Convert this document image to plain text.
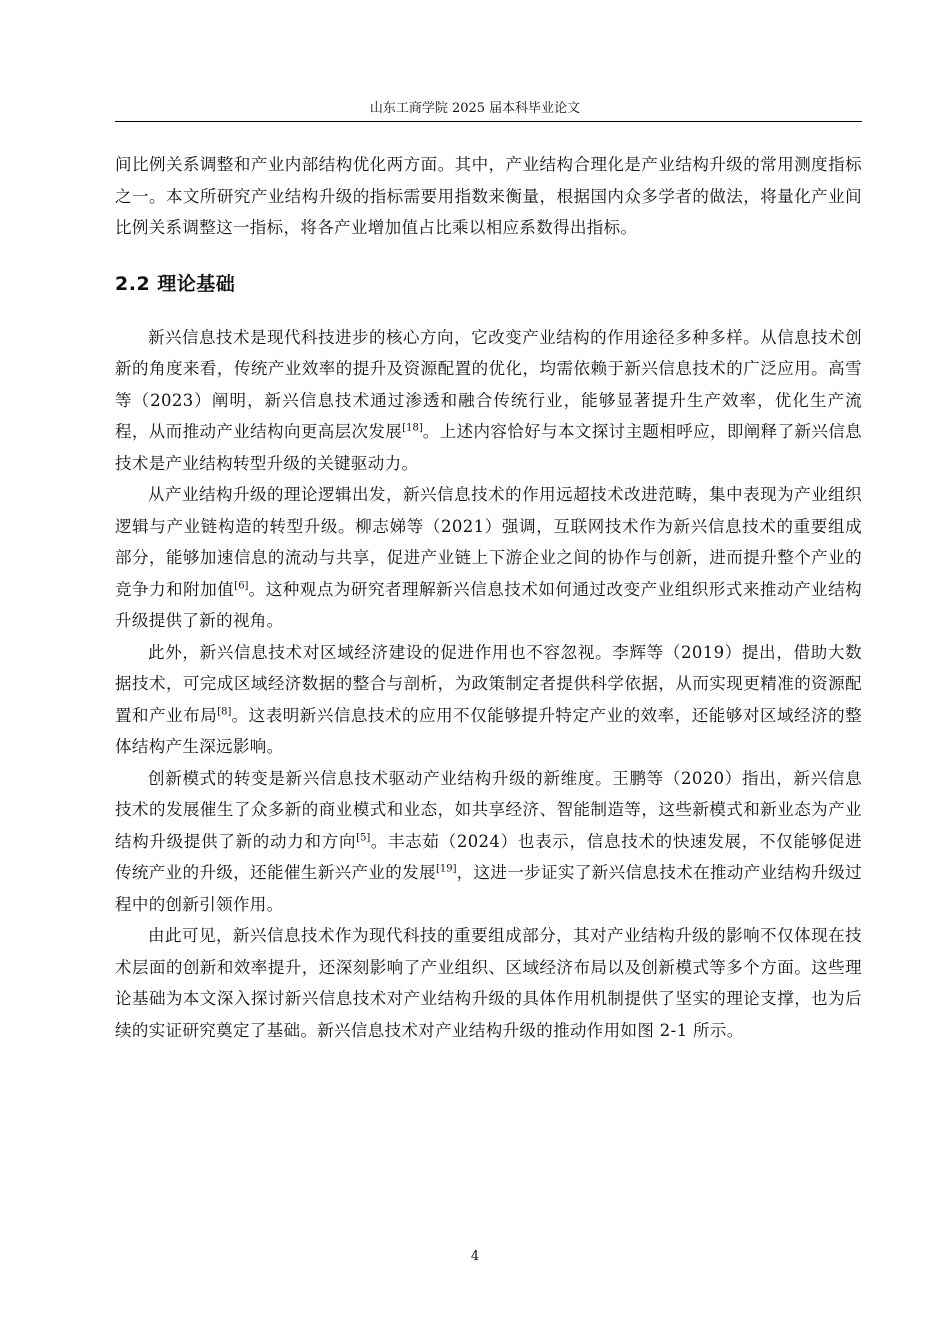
山东工商学院 2025 届本科毕业论文

间比例关系调整和产业内部结构优化两方面。其中，产业结构合理化是产业结构升级的常用测度指标之一。本文所研究产业结构升级的指标需要用指数来衡量，根据国内众多学者的做法，将量化产业间比例关系调整这一指标，将各产业增加值占比乘以相应系数得出指标。

2.2 理论基础

新兴信息技术是现代科技进步的核心方向，它改变产业结构的作用途径多种多样。从信息技术创新的角度来看，传统产业效率的提升及资源配置的优化，均需依赖于新兴信息技术的广泛应用。高雪等（2023）阐明，新兴信息技术通过渗透和融合传统行业，能够显著提升生产效率，优化生产流程，从而推动产业结构向更高层次发展[18]。上述内容恰好与本文探讨主题相呼应，即阐释了新兴信息技术是产业结构转型升级的关键驱动力。

从产业结构升级的理论逻辑出发，新兴信息技术的作用远超技术改进范畴，集中表现为产业组织逻辑与产业链构造的转型升级。柳志娣等（2021）强调，互联网技术作为新兴信息技术的重要组成部分，能够加速信息的流动与共享，促进产业链上下游企业之间的协作与创新，进而提升整个产业的竞争力和附加值[6]。这种观点为研究者理解新兴信息技术如何通过改变产业组织形式来推动产业结构升级提供了新的视角。

此外，新兴信息技术对区域经济建设的促进作用也不容忽视。李辉等（2019）提出，借助大数据技术，可完成区域经济数据的整合与剖析，为政策制定者提供科学依据，从而实现更精准的资源配置和产业布局[8]。这表明新兴信息技术的应用不仅能够提升特定产业的效率，还能够对区域经济的整体结构产生深远影响。

创新模式的转变是新兴信息技术驱动产业结构升级的新维度。王鹏等（2020）指出，新兴信息技术的发展催生了众多新的商业模式和业态，如共享经济、智能制造等，这些新模式和新业态为产业结构升级提供了新的动力和方向[5]。丰志茹（2024）也表示，信息技术的快速发展，不仅能够促进传统产业的升级，还能催生新兴产业的发展[19]，这进一步证实了新兴信息技术在推动产业结构升级过程中的创新引领作用。

由此可见，新兴信息技术作为现代科技的重要组成部分，其对产业结构升级的影响不仅体现在技术层面的创新和效率提升，还深刻影响了产业组织、区域经济布局以及创新模式等多个方面。这些理论基础为本文深入探讨新兴信息技术对产业结构升级的具体作用机制提供了坚实的理论支撑，也为后续的实证研究奠定了基础。新兴信息技术对产业结构升级的推动作用如图 2-1 所示。

4
